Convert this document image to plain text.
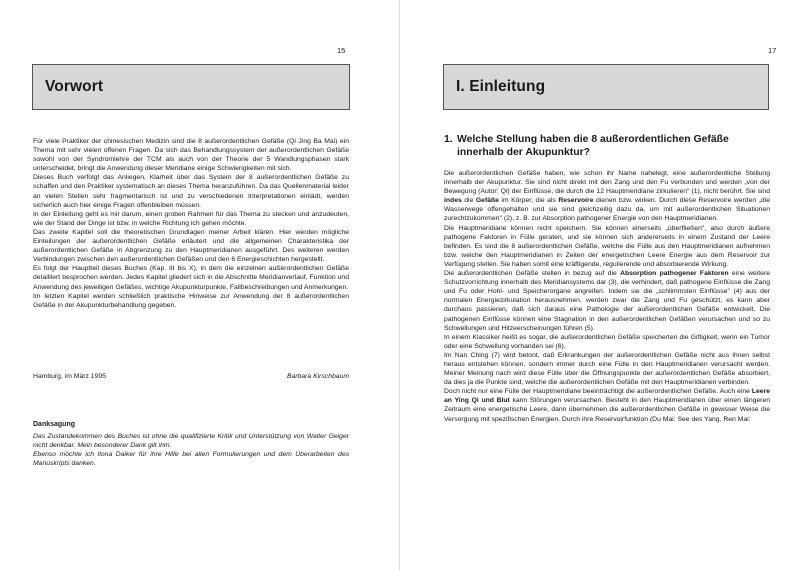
15
Vorwort

Für viele Praktiker der chinesischen Medizin sind die 8 außerordentlichen Gefäße (Qi Jing Ba Mai) ein Thema mit sehr vielen offenen Fragen. Da sich das Behandlungssystem der außerordentlichen Gefäße sowohl von der Syndromlehre der TCM als auch von der Theorie der 5 Wandlungsphasen stark unterscheidet, bringt die Anwendung dieser Meridiane einige Schwierigkeiten mit sich.

Dieses Buch verfolgt das Anliegen, Klarheit über das System der 8 außerordentlichen Gefäße zu schaffen und den Praktiker systematisch an dieses Thema heranzuführen. Da das Quellenmaterial leider an vielen Stellen sehr fragmentarisch ist und zu verschiedenen Interpretationen einlädt, werden sicherlich auch hier einige Fragen offenbleiben müssen.

In der Einleitung geht es mir darum, einen groben Rahmen für das Thema zu stecken und anzudeuten, wie der Stand der Dinge ist bzw. in welche Richtung ich gehen möchte.

Das zweite Kapitel soll die theoretischen Grundlagen meiner Arbeit klären. Hier werden mögliche Einteilungen der außerordentlichen Gefäße erläutert und die allgemeinen Charakteristika der außerordentlichen Gefäße in Abgrenzung zu den Hauptmeridianen ausgeführt. Des weiteren werden Verbindungen zwischen den außerordentlichen Gefäßen und den 6 Energieschichten hergestellt.

Es folgt der Hauptteil dieses Buches (Kap. III bis X), in dem die einzelnen außerordentlichen Gefäße detailliert besprochen werden. Jedes Kapitel gliedert sich in die Abschnitte Meridianverlauf, Funktion und Anwendung des jeweiligen Gefäßes, wichtige Akupunkturpunkte, Fallbeschreibungen und Anmerkungen.

Im letzten Kapitel werden schließlich praktische Hinweise zur Anwendung der 8 außerordentlichen Gefäße in der Akupunkturbehandlung gegeben.

Hamburg, im März 1995	Barbara Kirschbaum
Danksagung

Das Zustandekommen des Buches ist ohne die qualifizierte Kritik und Unterstützung von Walter Geiger nicht denkbar. Mein besonderer Dank gilt ihm.

Ebenso möchte ich Ilona Daiker für ihre Hilfe bei allen Formulierungen und dem Überarbeiten des Manuskripts danken.

17
I. Einleitung
1. Welche Stellung haben die 8 außerordentlichen Gefäße
innerhalb der Akupunktur?

Die außerordentlichen Gefäße haben, wie schon ihr Name nahelegt, eine außerordentliche Stellung innerhalb der Akupunktur. Sie sind nicht direkt mit den Zang und den Fu verbunden und werden „von der Bewegung (Autor: Qi) der Einflüsse, die durch die 12 Hauptmeridiane zirkulieren" (1), nicht berührt. Sie sind indes die Gefäße im Körper, die als Reservoire dienen bzw. wirken. Durch diese Reservoire werden „die Wasserwege offengehalten und sie sind gleichzeitig dazu da, um mit außerordentlichen Situationen zurechtzukommen" (2), z. B. zur Absorption pathogener Energie von den Hauptmeridianen.

Die Hauptmeridiane können nicht speichern. Sie können einerseits „überfließen", also durch äußere pathogene Faktoren in Fülle geraten, und sie können sich andererseits in einem Zustand der Leere befinden. Es sind die 8 außerordentlichen Gefäße, welche die Fülle aus den Hauptmeridianen aufnehmen bzw. welche den Hauptmeridianen in Zeiten der energetischen Leere Energie aus dem Reservoir zur Verfügung stellen. Sie haben somit eine kräftigende, regulierende und absorbierende Wirkung.

Die außerordentlichen Gefäße stellen in bezug auf die Absorption pathogener Faktoren eine weitere Schutzvorrichtung innerhalb des Meridiansystems dar (3), die verhindert, daß pathogene Einflüsse die Zang und Fu oder Hohl- und Speicherorgane angreifen. Indem sie die „schlimmsten Einflüsse" (4) aus der normalen Energiezirkulation herausnehmen, werden zwar die Zang und Fu geschützt, es kann aber durchaus passieren, daß sich daraus eine Pathologie der außerordentlichen Gefäße entwickelt. Die pathogenen Einflüsse können eine Stagnation in den außerordentlichen Gefäßen verursachen und so zu Schwellungen und Hitzeerscheinungen führen (5).

In einem Klassiker heißt es sogar, die außerordentlichen Gefäße speicherten die Giftigkeit, wenn ein Tumor oder eine Schwellung vorhanden sei (6).

Im Nan Ching (7) wird betont, daß Erkrankungen der außerordentlichen Gefäße nicht aus ihnen selbst heraus entstehen können, sondern immer durch eine Fülle in den Hauptmeridianen verursacht werden. Meiner Meinung nach wird diese Fülle über die Öffnungspunkte der außerordentlichen Gefäße absorbiert, da dies ja die Punkte sind, welche die außerordentlichen Gefäße mit den Hauptmeridianen verbinden.

Doch nicht nur eine Fülle der Hauptmeridiane beeinträchtigt die außerordentlichen Gefäße. Auch eine Leere an Ying Qi und Blut kann Störungen verursachen. Besteht in den Hauptmeridianen über einen längeren Zeitraum eine energetische Leere, dann übernehmen die außerordentlichen Gefäße in gewisser Weise die Versorgung mit spezifischen Energien. Durch ihre Reservoirfunktion (Du Mai: See des Yang, Ren Mai:
